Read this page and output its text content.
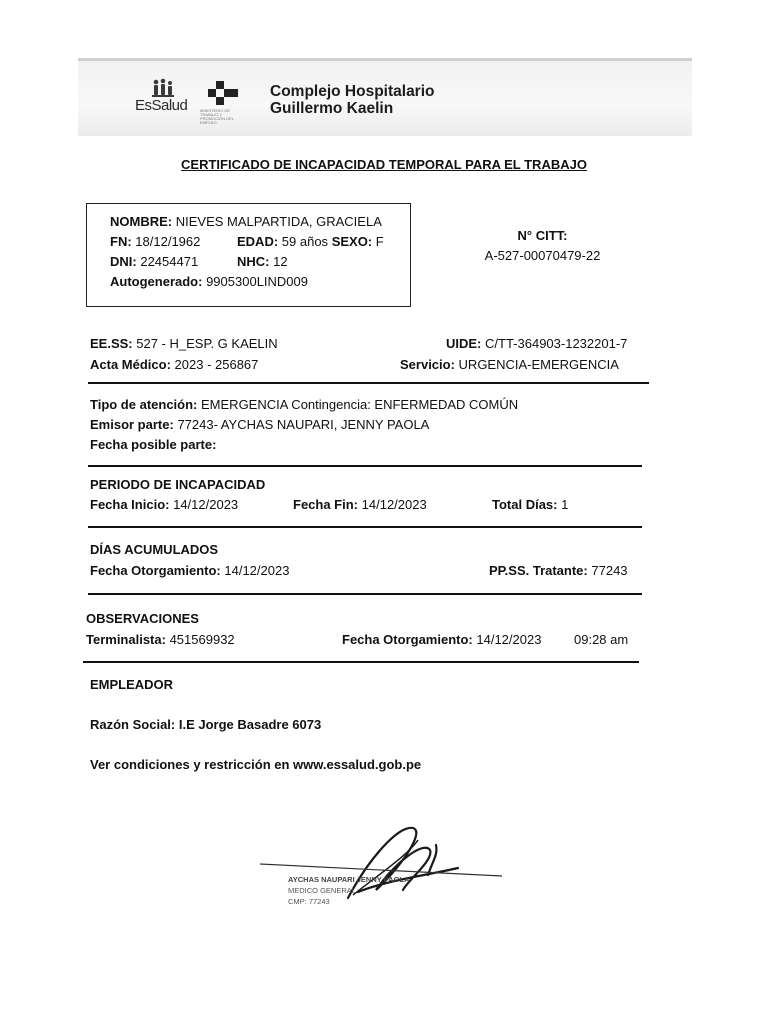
EsSalud	MINISTERIO DE TRABAJO Y PROMOCIÓN DEL EMPLEO
Complejo Hospitalario
Guillermo Kaelin
CERTIFICADO DE INCAPACIDAD TEMPORAL PARA EL TRABAJO
NOMBRE: NIEVES MALPARTIDA, GRACIELA
FN: 18/12/1962	EDAD: 59 años SEXO: F
DNI: 22454471	NHC: 12
Autogenerado: 9905300LIND009
N° CITT:
A-527-00070479-22
EE.SS: 527 - H_ESP. G KAELIN	UIDE: C/TT-364903-1232201-7
Acta Médico: 2023 - 256867	Servicio: URGENCIA-EMERGENCIA
Tipo de atención: EMERGENCIA Contingencia: ENFERMEDAD COMÚN
Emisor parte: 77243- AYCHAS NAUPARI, JENNY PAOLA
Fecha posible parte:
PERIODO DE INCAPACIDAD
Fecha Inicio: 14/12/2023	Fecha Fin: 14/12/2023	Total Días: 1
DÍAS ACUMULADOS
Fecha Otorgamiento: 14/12/2023	PP.SS. Tratante: 77243
OBSERVACIONES
Terminalista: 451569932	Fecha Otorgamiento: 14/12/2023	09:28 am
EMPLEADOR
Razón Social: I.E Jorge Basadre 6073
Ver condiciones y restricción en www.essalud.gob.pe
AYCHAS NAUPARI JENNY PAOLA
MEDICO GENERAL
CMP: 77243
